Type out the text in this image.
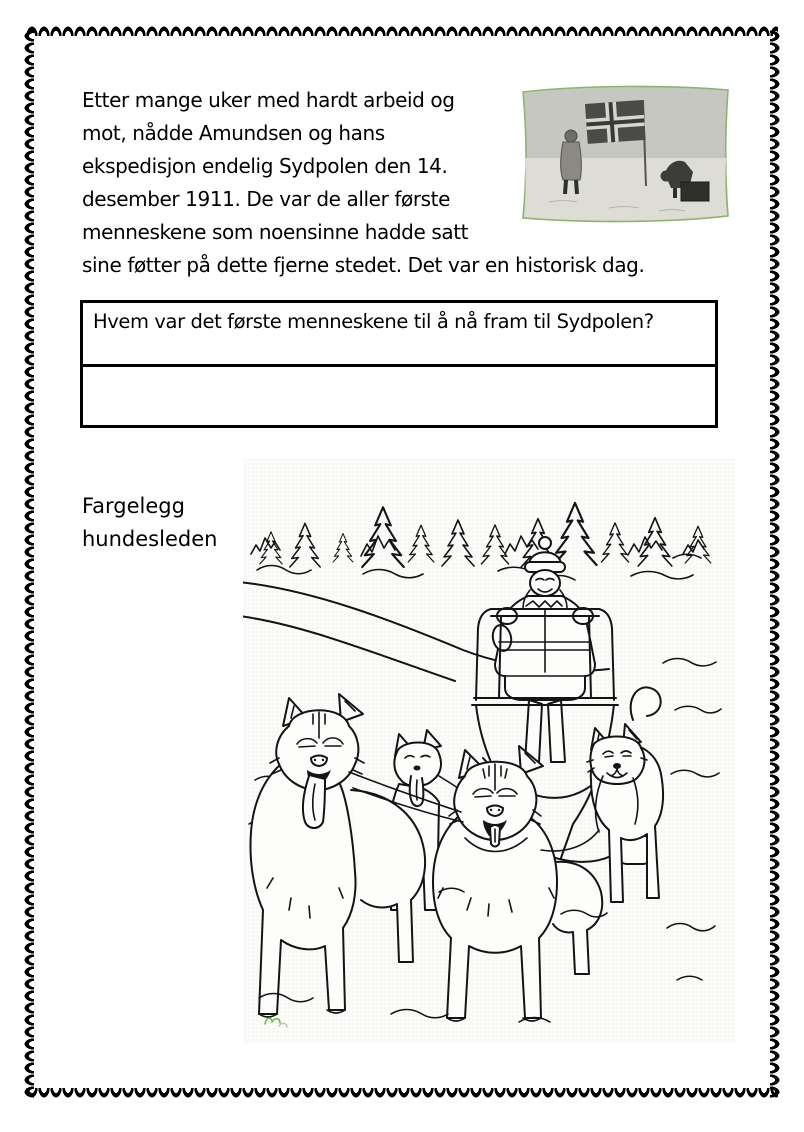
Etter mange uker med hardt arbeid og mot, nådde Amundsen og hans ekspedisjon endelig Sydpolen den 14. desember 1911. De var de aller første menneskene som noensinne hadde satt sine føtter på dette fjerne stedet. Det var en historisk dag.

Hvem var det første menneskene til å nå fram til Sydpolen?
Fargelegg hundesleden
